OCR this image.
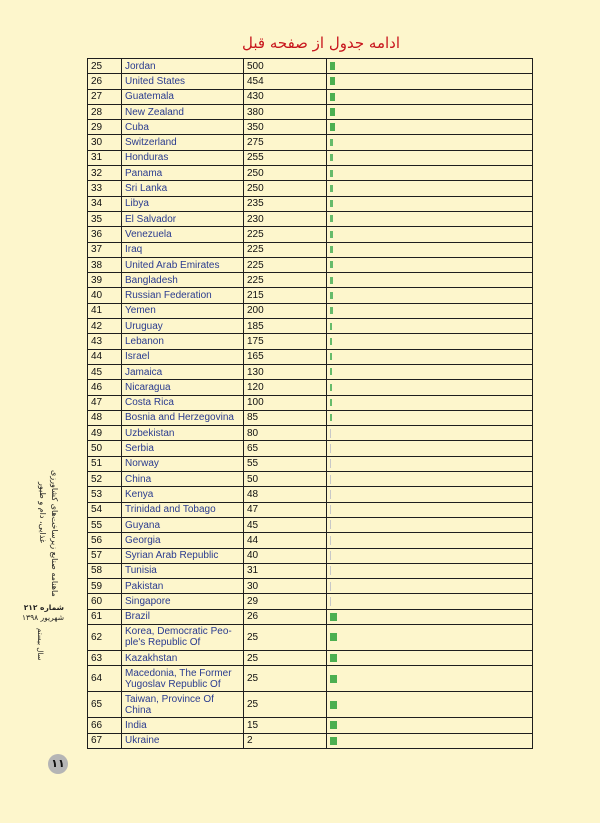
ادامه جدول از صفحه قبل
25	Jordan	500	
26	United States	454	
27	Guatemala	430	
28	New Zealand	380	
29	Cuba	350	
30	Switzerland	275	
31	Honduras	255	
32	Panama	250	
33	Sri Lanka	250	
34	Libya	235	
35	El Salvador	230	
36	Venezuela	225	
37	Iraq	225	
38	United Arab Emirates	225	
39	Bangladesh	225	
40	Russian Federation	215	
41	Yemen	200	
42	Uruguay	185	
43	Lebanon	175	
44	Israel	165	
45	Jamaica	130	
46	Nicaragua	120	
47	Costa Rica	100	
48	Bosnia and Herzegovina	85	
49	Uzbekistan	80	
50	Serbia	65	
51	Norway	55	
52	China	50	
53	Kenya	48	
54	Trinidad and Tobago	47	
55	Guyana	45	
56	Georgia	44	
57	Syrian Arab Republic	40	
58	Tunisia	31	
59	Pakistan	30	
60	Singapore	29	
61	Brazil	26	
62	Korea, Democratic Peo-ple's Republic Of	25	
63	Kazakhstan	25	
64	Macedonia, The Former Yugoslav Republic Of	25	
65	Taiwan, Province Of China	25	
66	India	15	
67	Ukraine	2	
ماهنامه صنایع زیرساخت‌های کشاورزی
غذایی، دام و طیور
شماره ۲۱۲
شهریور ۱۳۹۸
سال بیستم
۱۱
